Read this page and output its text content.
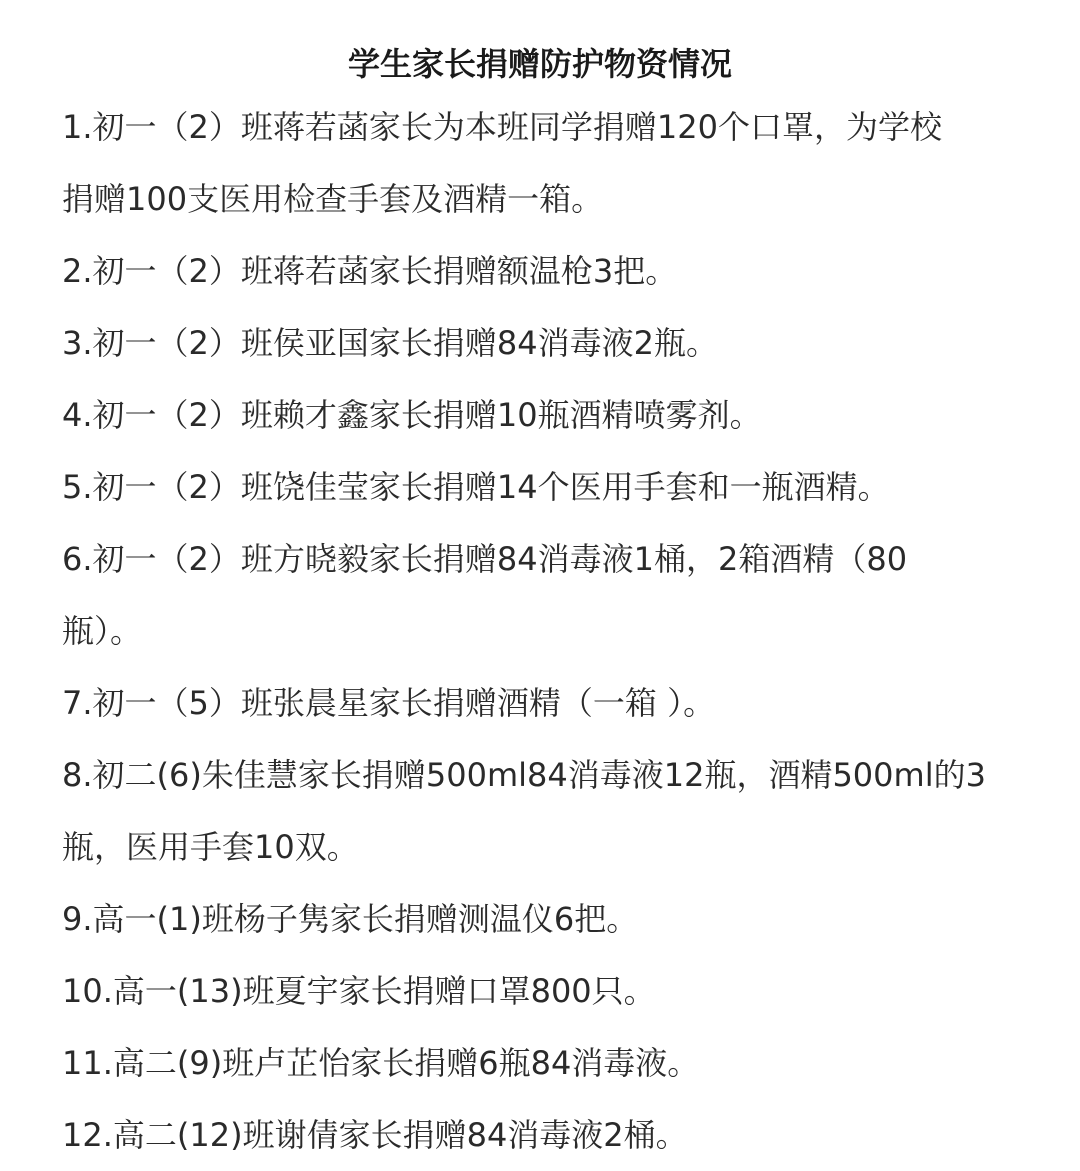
学生家长捐赠防护物资情况
1.初一（2）班蒋若菡家长为本班同学捐赠120个口罩，为学校
捐赠100支医用检查手套及酒精一箱。
2.初一（2）班蒋若菡家长捐赠额温枪3把。
3.初一（2）班侯亚国家长捐赠84消毒液2瓶。
4.初一（2）班赖才鑫家长捐赠10瓶酒精喷雾剂。
5.初一（2）班饶佳莹家长捐赠14个医用手套和一瓶酒精。
6.初一（2）班方晓毅家长捐赠84消毒液1桶，2箱酒精（80
瓶）。
7.初一（5）班张晨星家长捐赠酒精（一箱 ）。
8.初二(6)朱佳慧家长捐赠500ml84消毒液12瓶，酒精500ml的3
瓶，医用手套10双。
9.高一(1)班杨子隽家长捐赠测温仪6把。
10.高一(13)班夏宇家长捐赠口罩800只。
11.高二(9)班卢芷怡家长捐赠6瓶84消毒液。
12.高二(12)班谢倩家长捐赠84消毒液2桶。
